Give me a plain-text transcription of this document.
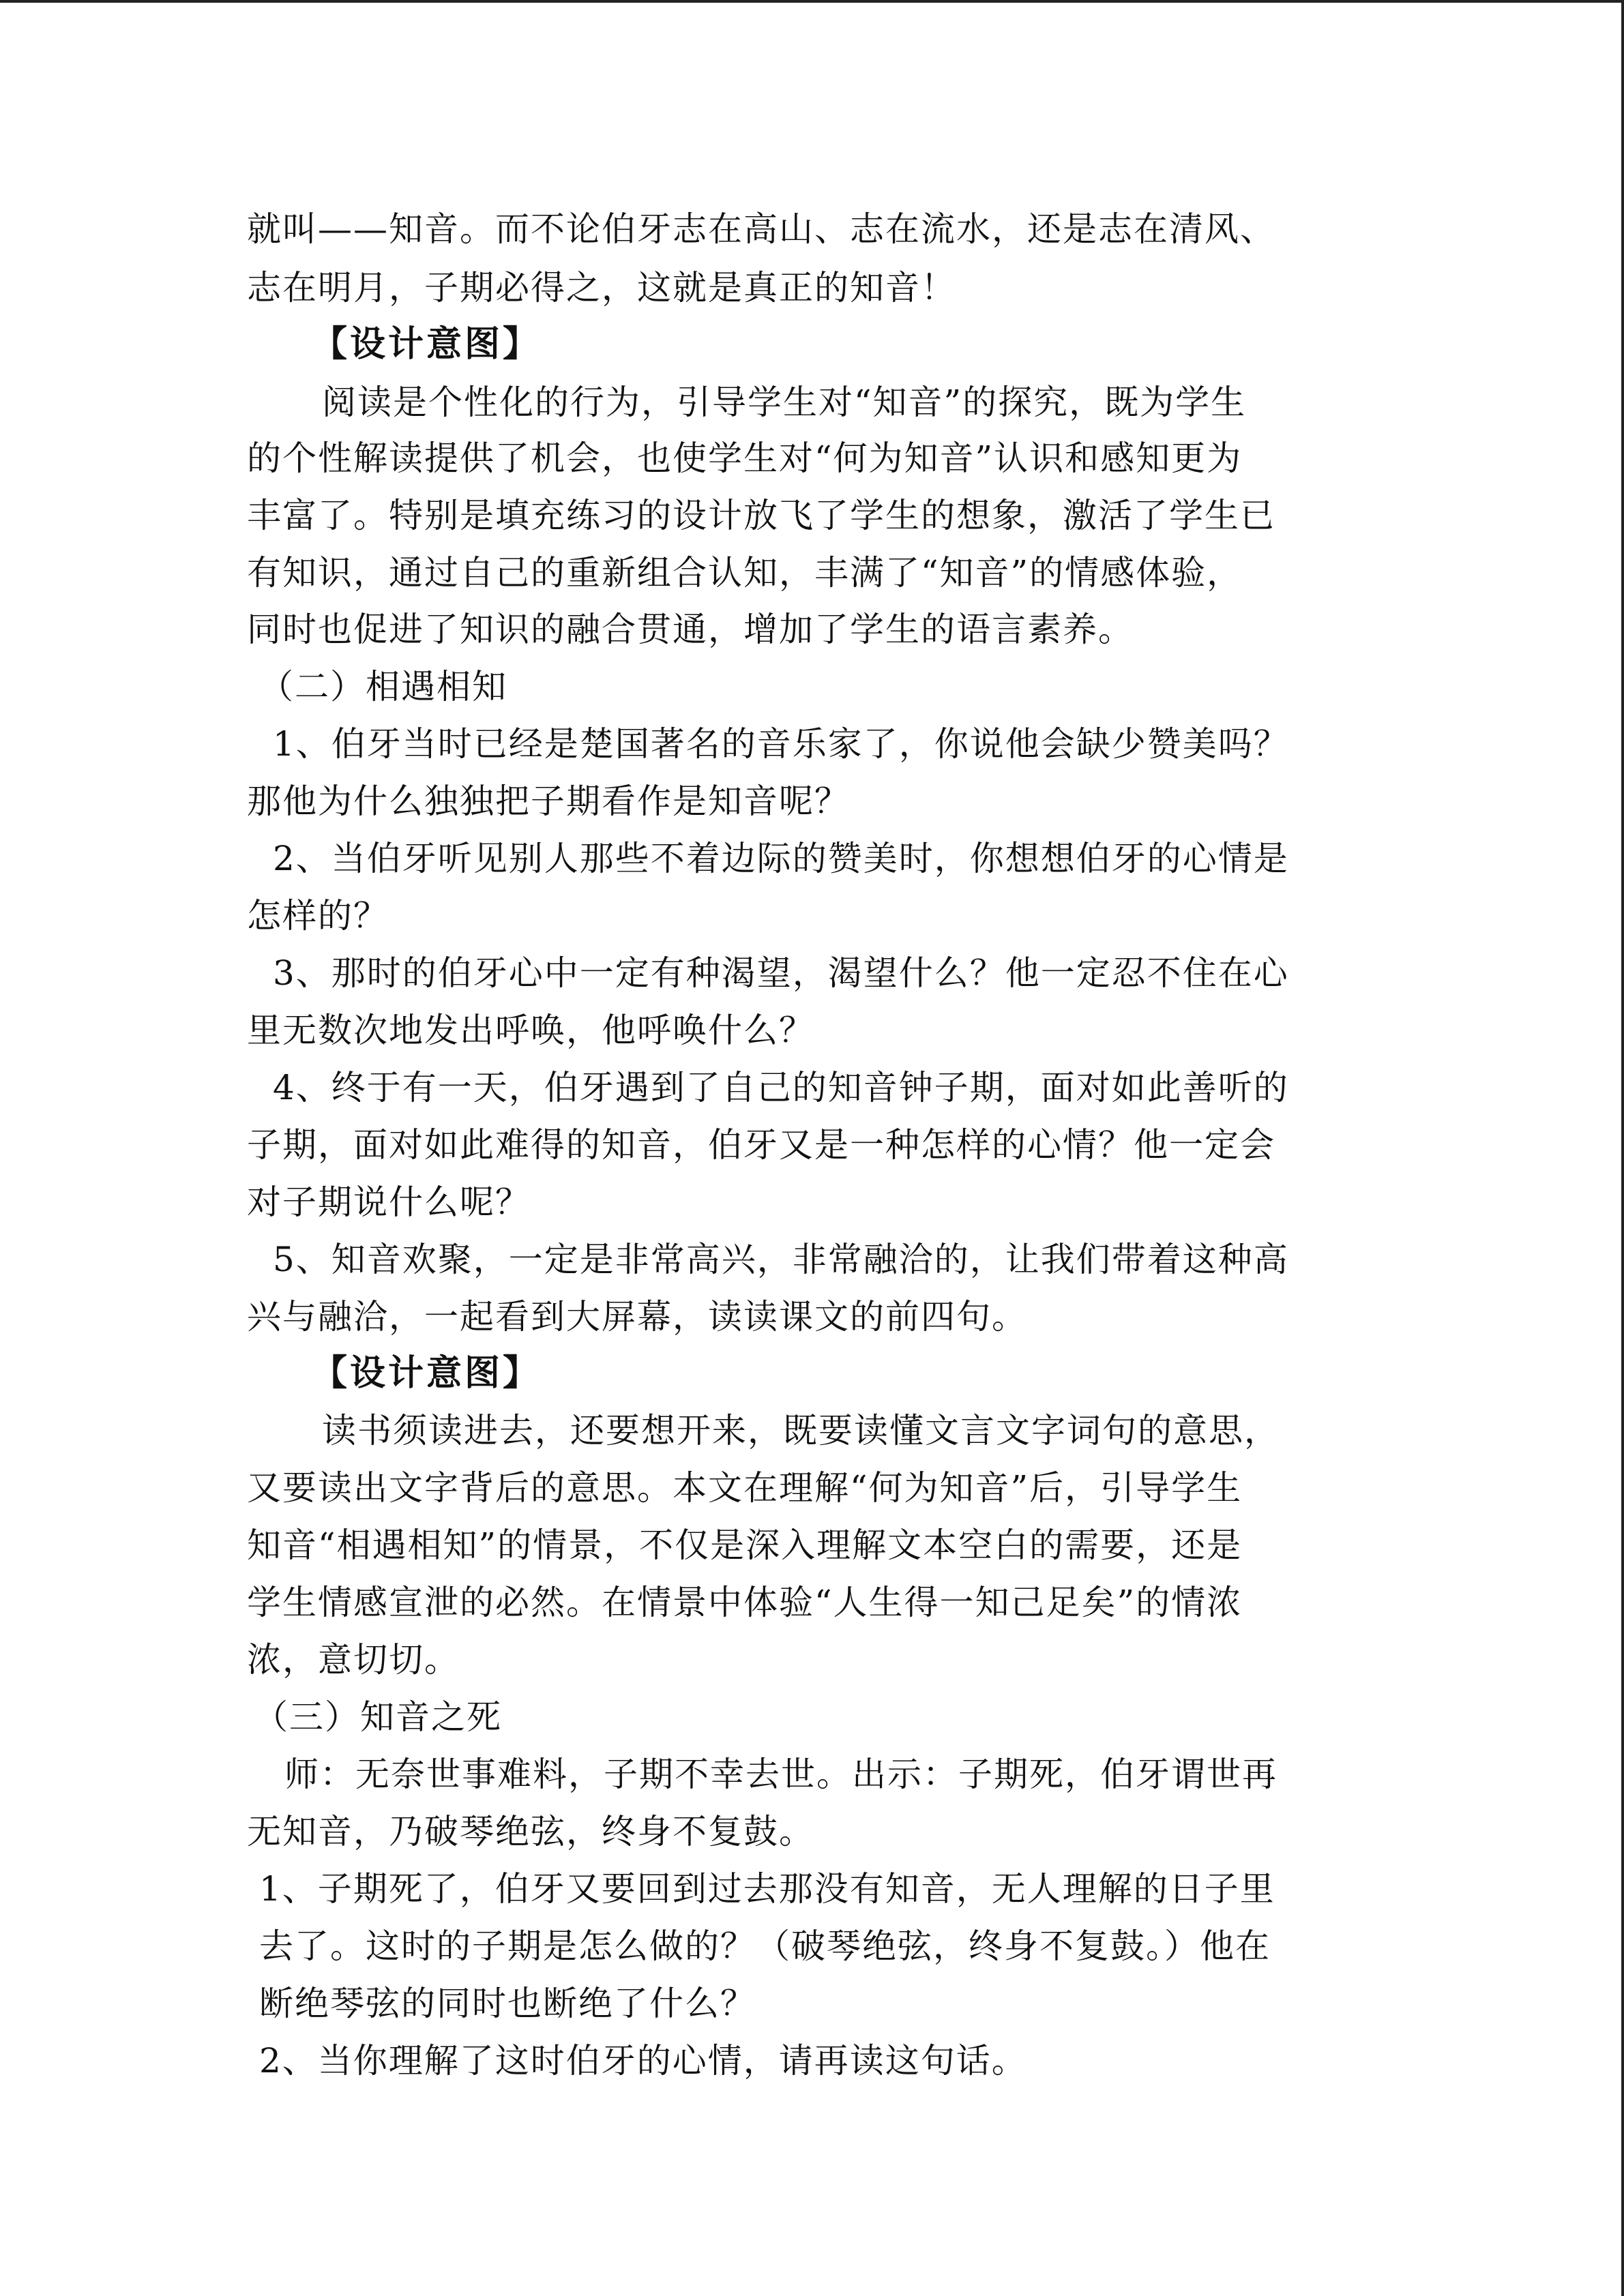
就叫——知音。而不论伯牙志在高山、志在流水，还是志在清风、
志在明月，子期必得之，这就是真正的知音！
【设计意图】
阅读是个性化的行为，引导学生对“知音”的探究，既为学生
的个性解读提供了机会，也使学生对“何为知音”认识和感知更为
丰富了。特别是填充练习的设计放飞了学生的想象，激活了学生已
有知识，通过自己的重新组合认知，丰满了“知音”的情感体验，
同时也促进了知识的融合贯通，增加了学生的语言素养。
（二）相遇相知
1、伯牙当时已经是楚国著名的音乐家了，你说他会缺少赞美吗？
那他为什么独独把子期看作是知音呢？
2、当伯牙听见别人那些不着边际的赞美时，你想想伯牙的心情是
怎样的？
3、那时的伯牙心中一定有种渴望，渴望什么？他一定忍不住在心
里无数次地发出呼唤，他呼唤什么？
4、终于有一天，伯牙遇到了自己的知音钟子期，面对如此善听的
子期，面对如此难得的知音，伯牙又是一种怎样的心情？他一定会
对子期说什么呢？
5、知音欢聚，一定是非常高兴，非常融洽的，让我们带着这种高
兴与融洽，一起看到大屏幕，读读课文的前四句。
【设计意图】
读书须读进去，还要想开来，既要读懂文言文字词句的意思，
又要读出文字背后的意思。本文在理解“何为知音”后，引导学生
知音“相遇相知”的情景，不仅是深入理解文本空白的需要，还是
学生情感宣泄的必然。在情景中体验“人生得一知己足矣”的情浓
浓，意切切。
（三）知音之死
师：无奈世事难料，子期不幸去世。出示：子期死，伯牙谓世再
无知音，乃破琴绝弦，终身不复鼓。
1、子期死了，伯牙又要回到过去那没有知音，无人理解的日子里
去了。这时的子期是怎么做的？（破琴绝弦，终身不复鼓。）他在
断绝琴弦的同时也断绝了什么？
2、当你理解了这时伯牙的心情，请再读这句话。
